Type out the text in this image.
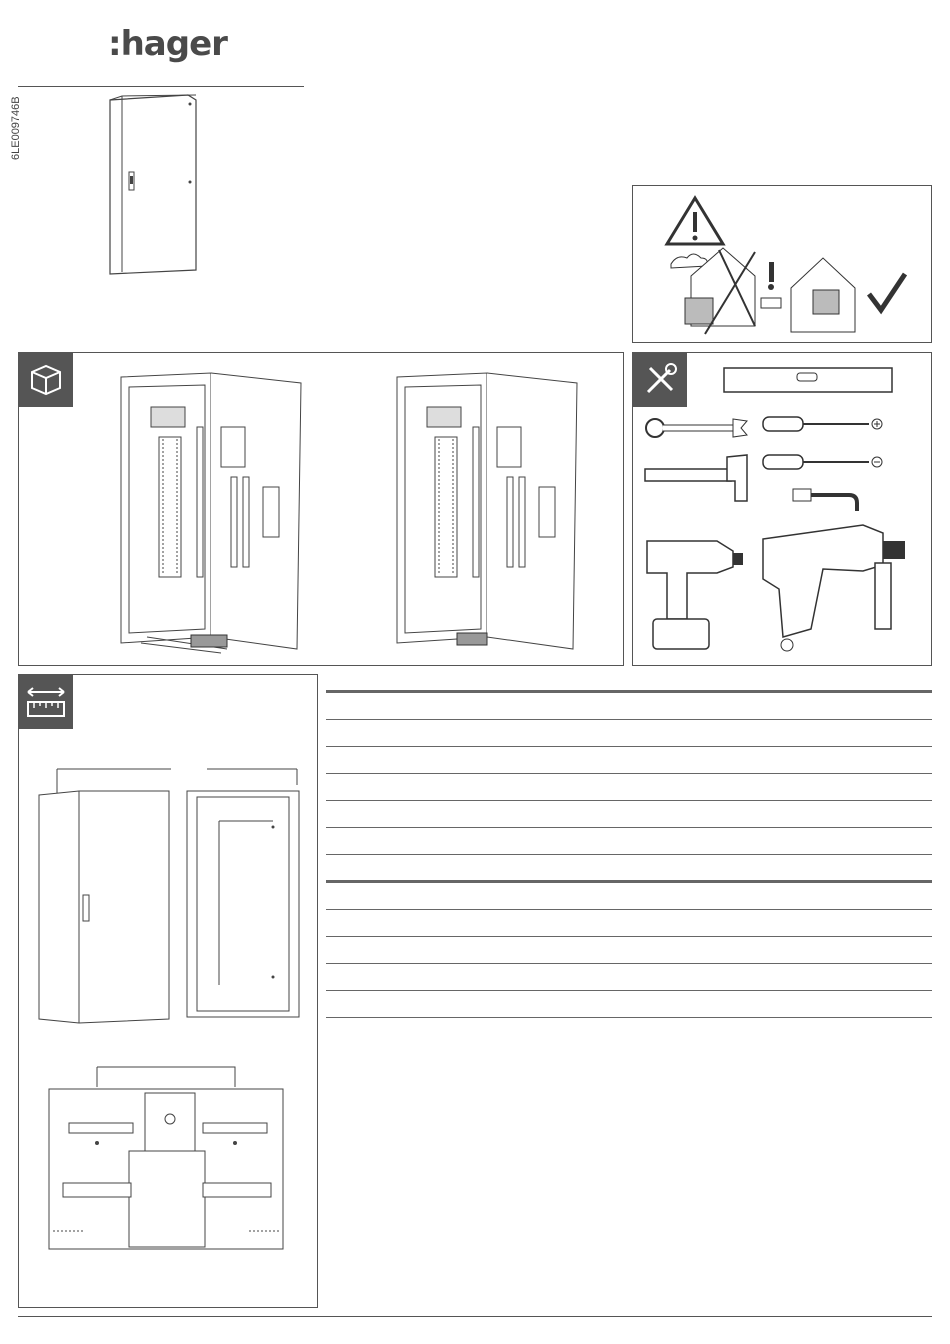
:hager
6LE009746B
